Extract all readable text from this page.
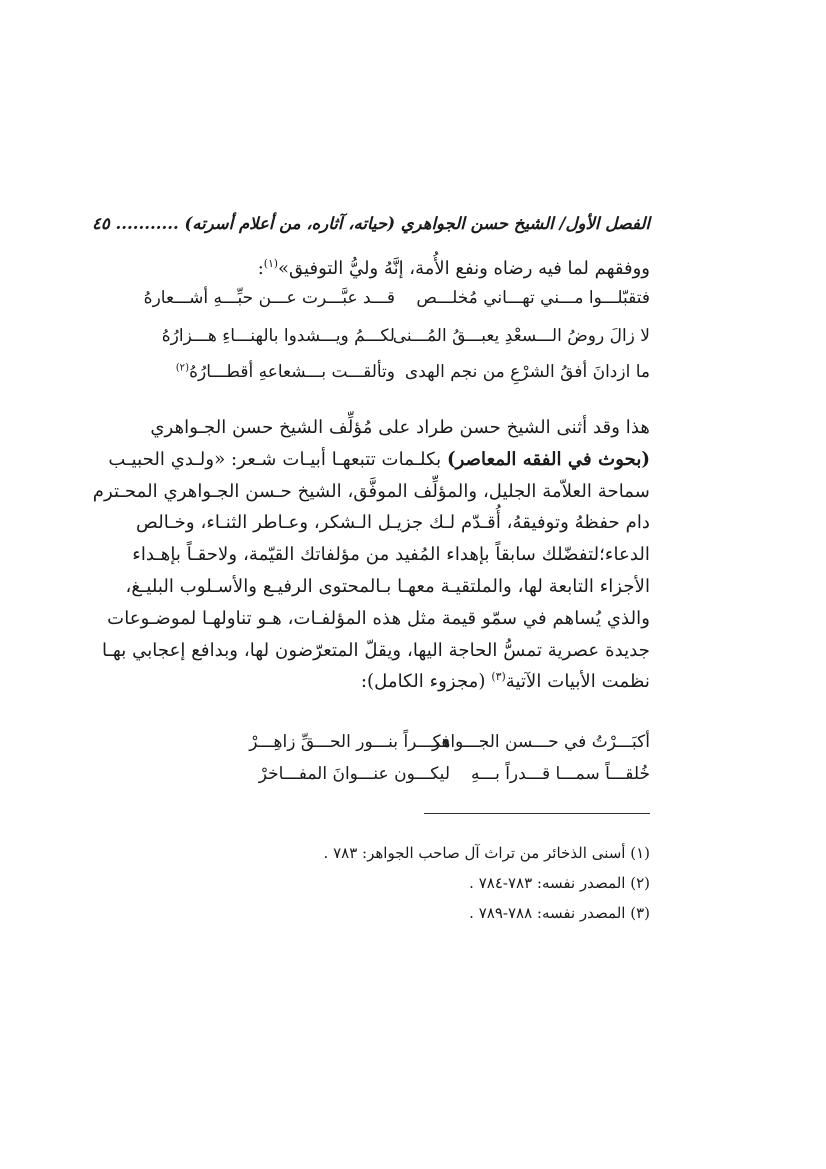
الفصل الأول/ الشيخ حسن الجواهري (حياته، آثاره، من أعلام أسرته) ........... ٤٥
ووفقهم لما فيه رضاه ونفع الأُمة، إنَّهُ وليُّ التوفيق»$^{(١)}$:
فتقبّلـــوا مـــني تهـــاني مُخلـــص
قـــد عبَّـــرت عـــن حبِّـــهِ أشـــعارهُ
لا زالَ روضُ الـــسعْدِ يعبـــقُ المُـــنى
لكـــمُ ويـــشدوا بالهنـــاءِ هـــزارُهُ
ما ازدانَ أفقُ الشرْعِ من نجم الهدى
وتألقـــت بـــشعاعهِ أقطـــارُهُ$^{(٢)}$
هذا وقد أثنى الشيخ حسن طراد على مُؤلِّف الشيخ حسن الجـواهري
(بحوث في الفقه المعاصر) بكلـمات تتبعهـا أبيـات شـعر: «ولـدي الحبيـب
سماحة العلاّمة الجليل، والمؤلِّف الموفَّق، الشيخ حـسن الجـواهري المحـترم
دام حفظهُ وتوفيقهُ، أُقـدّم لـك جزيـل الـشكر، وعـاطر الثنـاء، وخـالص
الدعاء؛لتفضّلك سابقاً بإهداء المُفيد من مؤلفاتك القيّمة، ولاحقـاً بإهـداء
الأجزاء التابعة لها، والملتقيـة معهـا بـالمحتوى الرفيـع والأسـلوب البليـغ،
والذي يُساهم في سمّو قيمة مثل هذه المؤلفـات، هـو تناولهـا لموضـوعات
جديدة عصرية تمسُّ الحاجة اليها، ويقلّ المتعرّضون لها، وبدافع إعجابي بهـا
نظمت الأبيات الآتية$^{(٣)}$ (مجزوء الكامل):
أكبَـــرْتُ في حـــسن الجـــواهر
فكـــراً بنـــور الحـــقِّ زاهِـــرْ
خُلقـــاً سمـــا قـــدراً بـــهِ
ليكـــون عنـــوانَ المفـــاخرْ
(١) أسنى الذخائر من تراث آل صاحب الجواهر: ٧٨٣ .
(٢) المصدر نفسه: ٧٨٣-٧٨٤ .
(٣) المصدر نفسه: ٧٨٨-٧٨٩ .
